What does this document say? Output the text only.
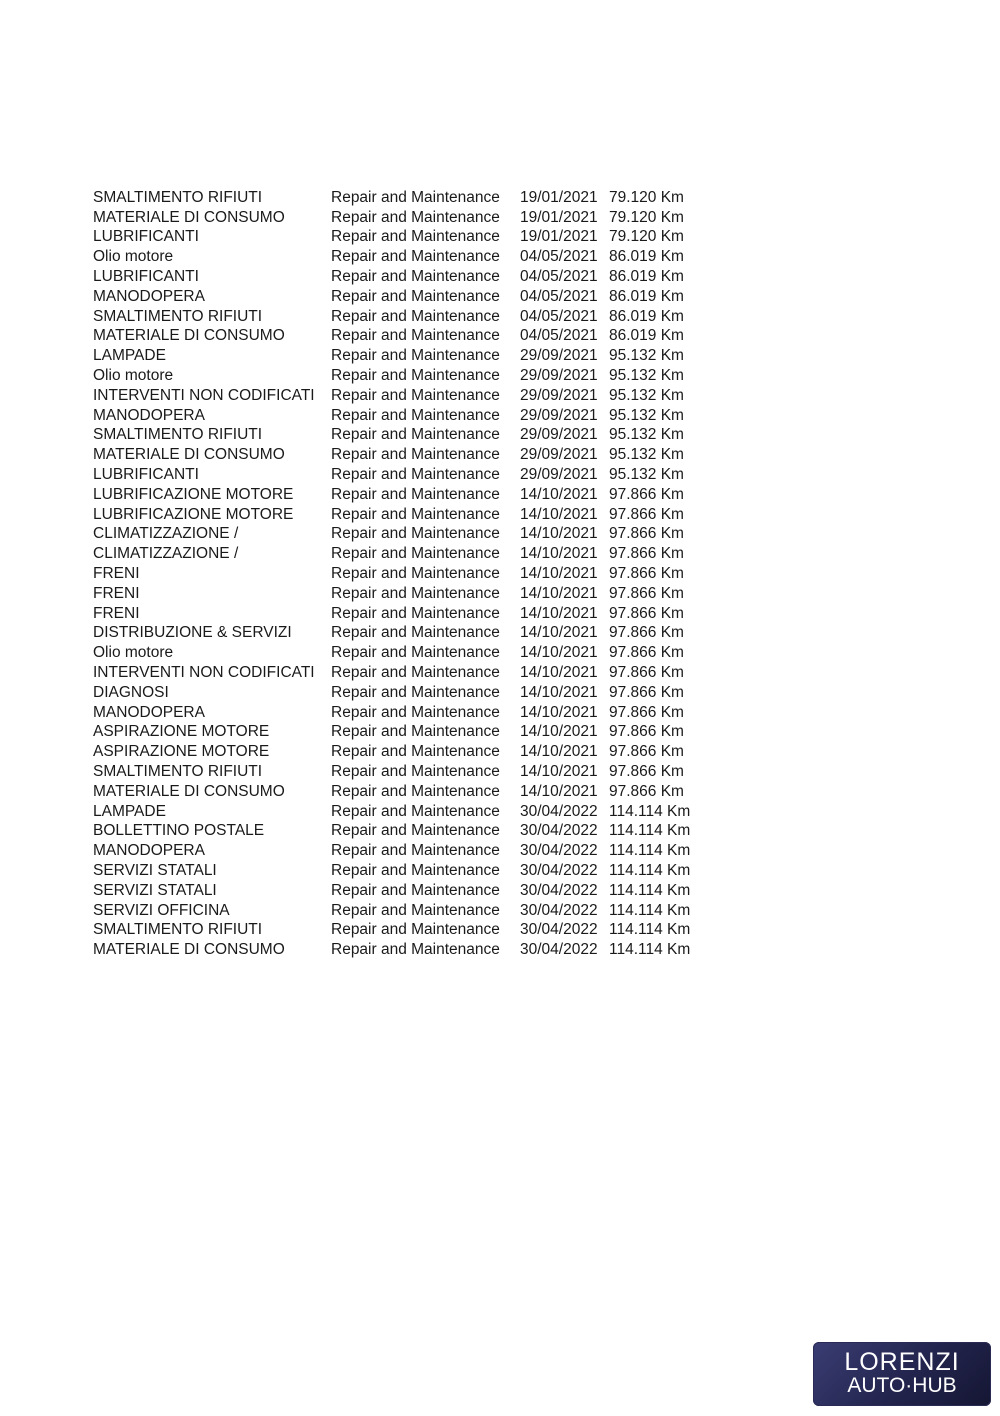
SMALTIMENTO RIFIUTI	Repair and Maintenance	19/01/2021 79.120 Km
MATERIALE DI CONSUMO	Repair and Maintenance	19/01/2021 79.120 Km
LUBRIFICANTI	Repair and Maintenance	19/01/2021 79.120 Km
Olio motore	Repair and Maintenance	04/05/2021 86.019 Km
LUBRIFICANTI	Repair and Maintenance	04/05/2021 86.019 Km
MANODOPERA	Repair and Maintenance	04/05/2021 86.019 Km
SMALTIMENTO RIFIUTI	Repair and Maintenance	04/05/2021 86.019 Km
MATERIALE DI CONSUMO	Repair and Maintenance	04/05/2021 86.019 Km
LAMPADE	Repair and Maintenance	29/09/2021 95.132 Km
Olio motore	Repair and Maintenance	29/09/2021 95.132 Km
INTERVENTI NON CODIFICATI	Repair and Maintenance	29/09/2021 95.132 Km
MANODOPERA	Repair and Maintenance	29/09/2021 95.132 Km
SMALTIMENTO RIFIUTI	Repair and Maintenance	29/09/2021 95.132 Km
MATERIALE DI CONSUMO	Repair and Maintenance	29/09/2021 95.132 Km
LUBRIFICANTI	Repair and Maintenance	29/09/2021 95.132 Km
LUBRIFICAZIONE MOTORE	Repair and Maintenance	14/10/2021 97.866 Km
LUBRIFICAZIONE MOTORE	Repair and Maintenance	14/10/2021 97.866 Km
CLIMATIZZAZIONE /	Repair and Maintenance	14/10/2021 97.866 Km
CLIMATIZZAZIONE /	Repair and Maintenance	14/10/2021 97.866 Km
FRENI	Repair and Maintenance	14/10/2021 97.866 Km
FRENI	Repair and Maintenance	14/10/2021 97.866 Km
FRENI	Repair and Maintenance	14/10/2021 97.866 Km
DISTRIBUZIONE & SERVIZI	Repair and Maintenance	14/10/2021 97.866 Km
Olio motore	Repair and Maintenance	14/10/2021 97.866 Km
INTERVENTI NON CODIFICATI	Repair and Maintenance	14/10/2021 97.866 Km
DIAGNOSI	Repair and Maintenance	14/10/2021 97.866 Km
MANODOPERA	Repair and Maintenance	14/10/2021 97.866 Km
ASPIRAZIONE MOTORE	Repair and Maintenance	14/10/2021 97.866 Km
ASPIRAZIONE MOTORE	Repair and Maintenance	14/10/2021 97.866 Km
SMALTIMENTO RIFIUTI	Repair and Maintenance	14/10/2021 97.866 Km
MATERIALE DI CONSUMO	Repair and Maintenance	14/10/2021 97.866 Km
LAMPADE	Repair and Maintenance	30/04/2022 114.114 Km
BOLLETTINO POSTALE	Repair and Maintenance	30/04/2022 114.114 Km
MANODOPERA	Repair and Maintenance	30/04/2022 114.114 Km
SERVIZI STATALI	Repair and Maintenance	30/04/2022 114.114 Km
SERVIZI STATALI	Repair and Maintenance	30/04/2022 114.114 Km
SERVIZI OFFICINA	Repair and Maintenance	30/04/2022 114.114 Km
SMALTIMENTO RIFIUTI	Repair and Maintenance	30/04/2022 114.114 Km
MATERIALE DI CONSUMO	Repair and Maintenance	30/04/2022 114.114 Km
LORENZI
AUTO·HUB
